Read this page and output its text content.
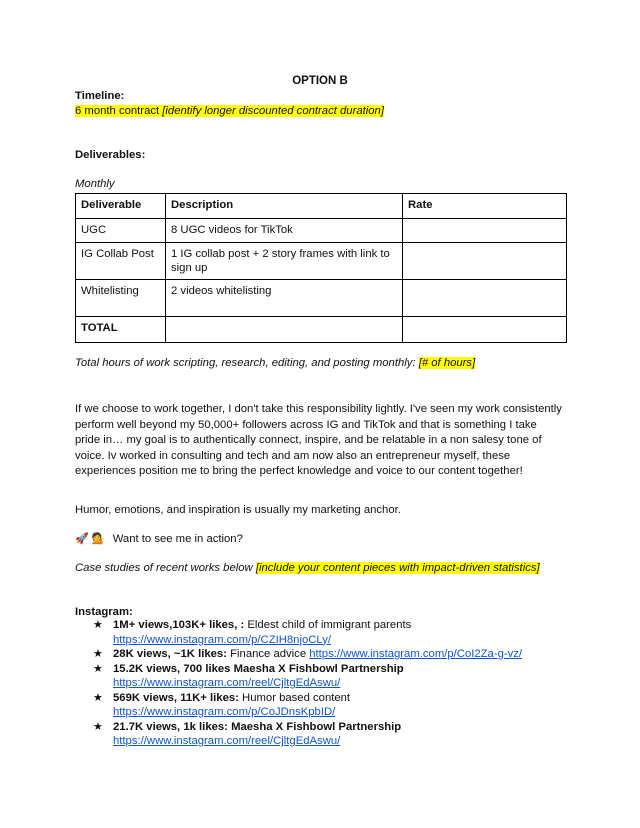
OPTION B
Timeline:
6 month contract [identify longer discounted contract duration]
Deliverables:
Monthly
Deliverable	Description	Rate
UGC	8 UGC videos for TikTok	
IG Collab Post	1 IG collab post + 2 story frames with link to sign up	
Whitelisting	2 videos whitelisting	
TOTAL		
Total hours of work scripting, research, editing, and posting monthly: [# of hours]
If we choose to work together, I don't take this responsibility lightly. I've seen my work consistently perform well beyond my 50,000+ followers across IG and TikTok and that is something I take pride in… my goal is to authentically connect, inspire, and be relatable in a non salesy tone of voice. Iv worked in consulting and tech and am now also an entrepreneur myself, these experiences position me to bring the perfect knowledge and voice to our content together!
Humor, emotions, and inspiration is usually my marketing anchor.
🚀 💁 Want to see me in action?
Case studies of recent works below [include your content pieces with impact-driven statistics]
Instagram:
★ 1M+ views,103K+ likes, : Eldest child of immigrant parents
https://www.instagram.com/p/CZIH8njoCLy/
★ 28K views, ~1K likes: Finance advice https://www.instagram.com/p/CoI2Za-g-vz/
★ 15.2K views, 700 likes Maesha X Fishbowl Partnership
https://www.instagram.com/reel/CjltgEdAswu/
★ 569K views, 11K+ likes: Humor based content
https://www.instagram.com/p/CoJDnsKpbID/
★ 21.7K views, 1k likes: Maesha X Fishbowl Partnership
https://www.instagram.com/reel/CjltgEdAswu/
